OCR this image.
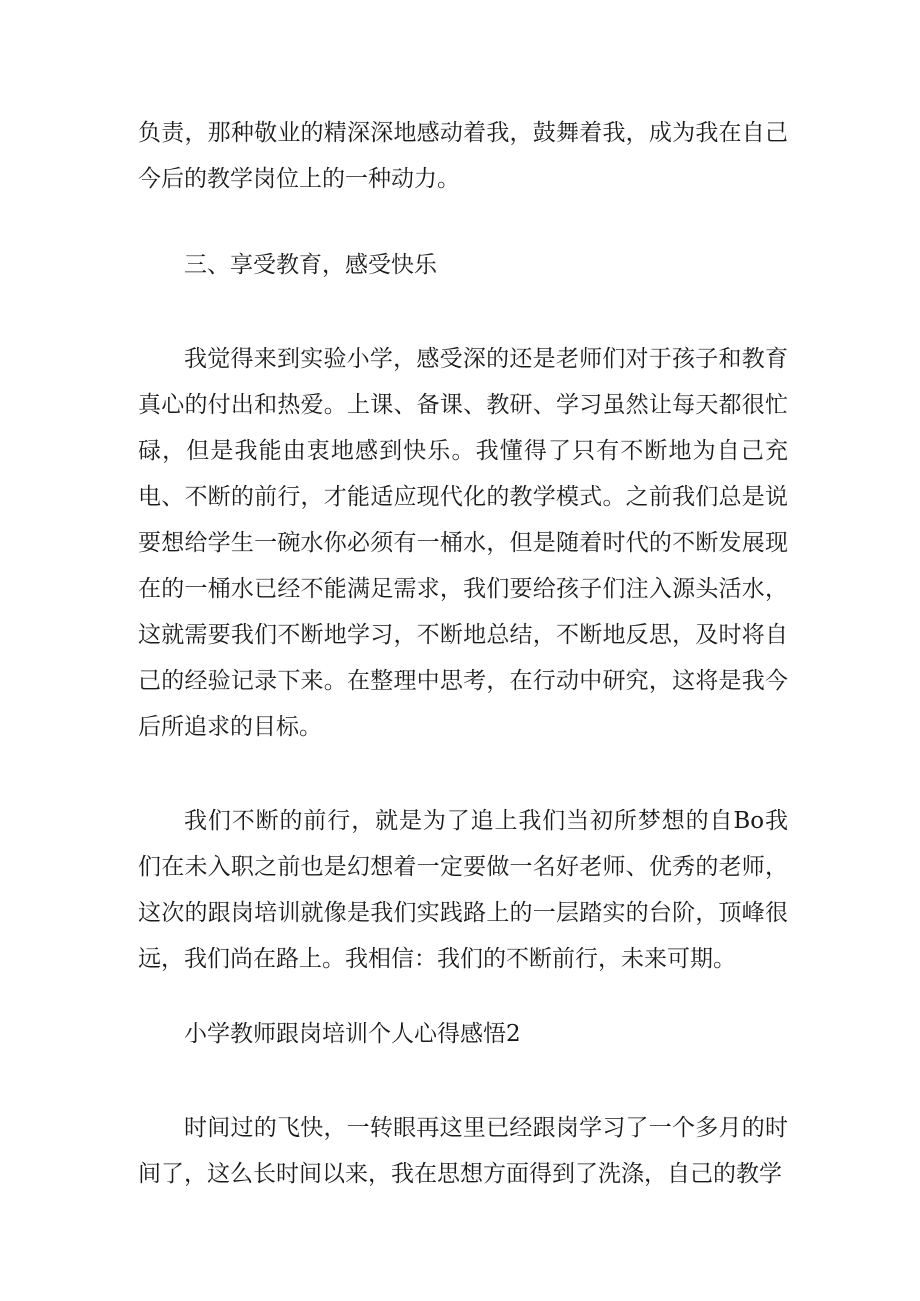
负责，那种敬业的精深深地感动着我，鼓舞着我，成为我在自己今后的教学岗位上的一种动力。

三、享受教育，感受快乐

我觉得来到实验小学，感受深的还是老师们对于孩子和教育真心的付出和热爱。上课、备课、教研、学习虽然让每天都很忙碌，但是我能由衷地感到快乐。我懂得了只有不断地为自己充电、不断的前行，才能适应现代化的教学模式。之前我们总是说要想给学生一碗水你必须有一桶水，但是随着时代的不断发展现在的一桶水已经不能满足需求，我们要给孩子们注入源头活水，这就需要我们不断地学习，不断地总结，不断地反思，及时将自己的经验记录下来。在整理中思考，在行动中研究，这将是我今后所追求的目标。

我们不断的前行，就是为了追上我们当初所梦想的自Bo我们在未入职之前也是幻想着一定要做一名好老师、优秀的老师，这次的跟岗培训就像是我们实践路上的一层踏实的台阶，顶峰很远，我们尚在路上。我相信：我们的不断前行，未来可期。

小学教师跟岗培训个人心得感悟2

时间过的飞快，一转眼再这里已经跟岗学习了一个多月的时间了，这么长时间以来，我在思想方面得到了洗涤，自己的教学
